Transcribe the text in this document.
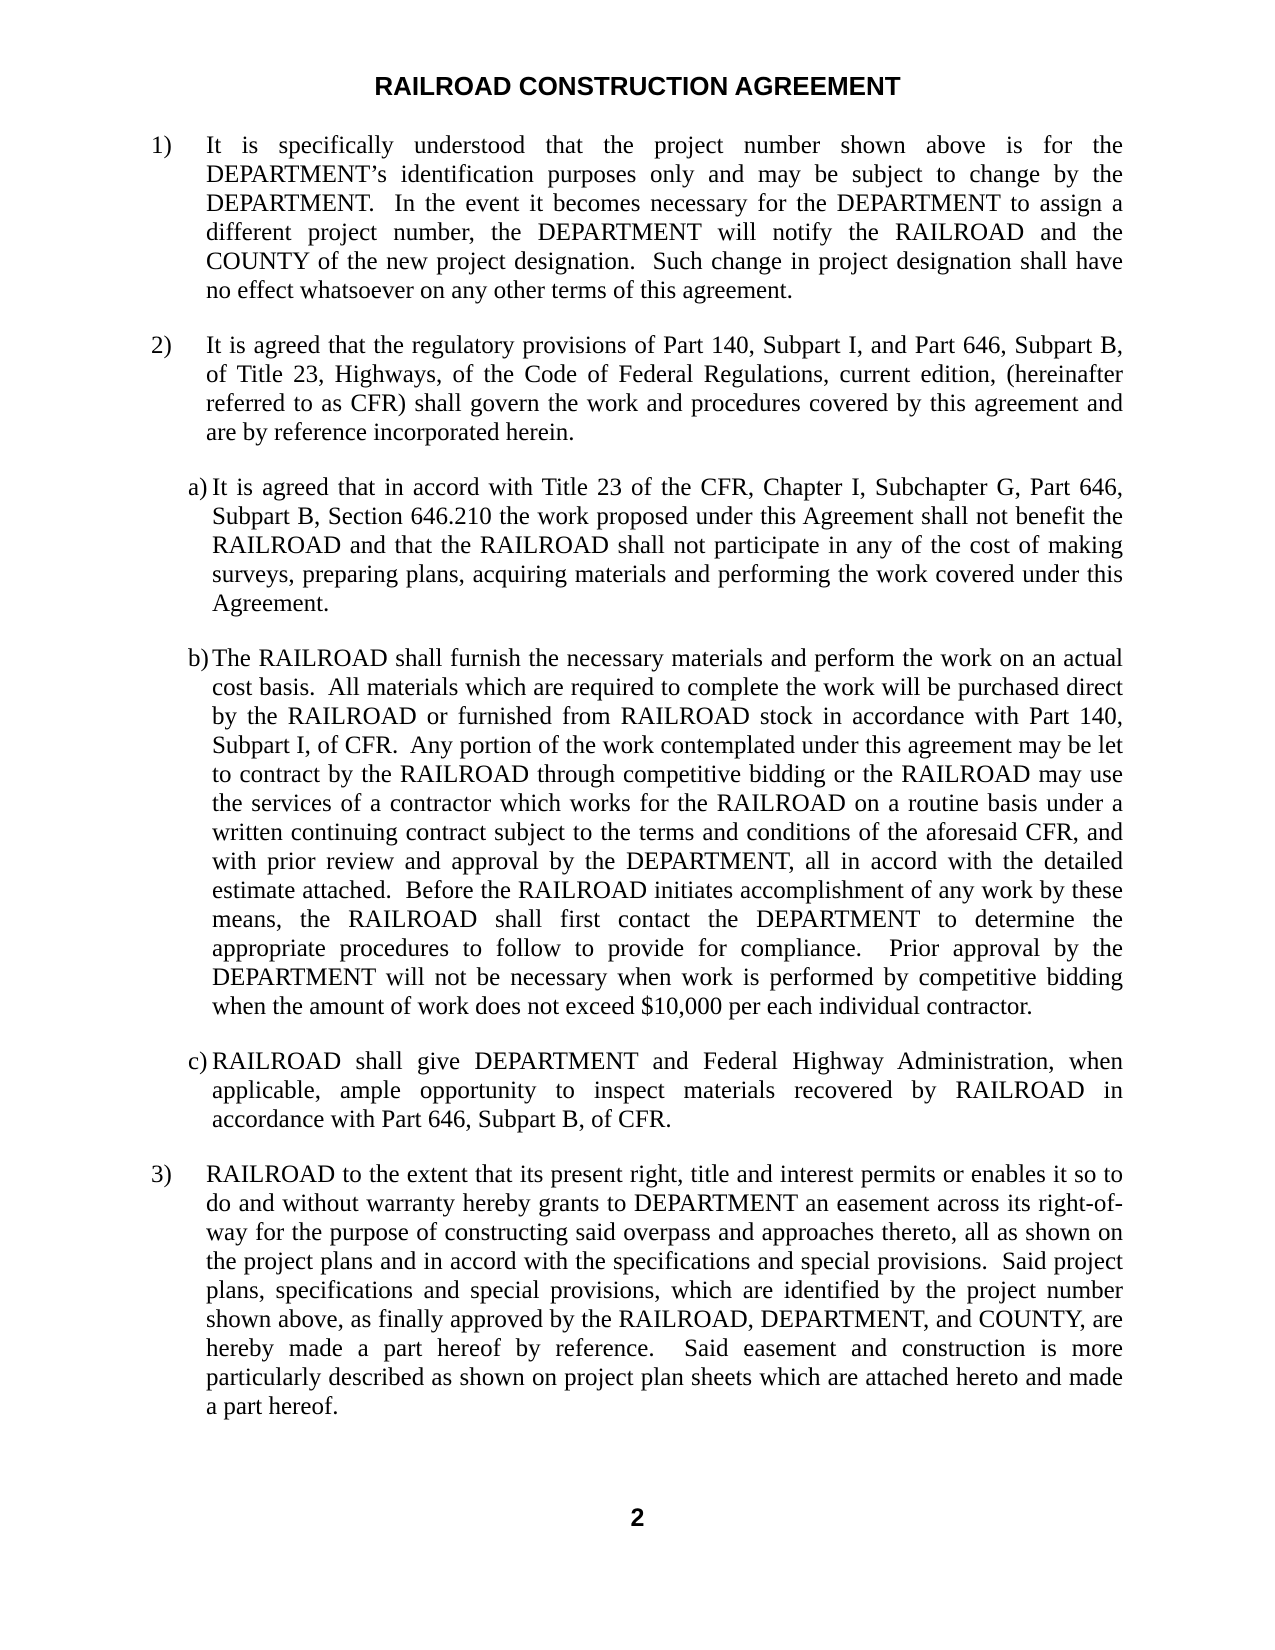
RAILROAD CONSTRUCTION AGREEMENT
1) It is specifically understood that the project number shown above is for the DEPARTMENT’s identification purposes only and may be subject to change by the DEPARTMENT.  In the event it becomes necessary for the DEPARTMENT to assign a different project number, the DEPARTMENT will notify the RAILROAD and the COUNTY of the new project designation.  Such change in project designation shall have no effect whatsoever on any other terms of this agreement.

2) It is agreed that the regulatory provisions of Part 140, Subpart I, and Part 646, Subpart B, of Title 23, Highways, of the Code of Federal Regulations, current edition, (hereinafter referred to as CFR) shall govern the work and procedures covered by this agreement and are by reference incorporated herein.

a) It is agreed that in accord with Title 23 of the CFR, Chapter I, Subchapter G, Part 646, Subpart B, Section 646.210 the work proposed under this Agreement shall not benefit the RAILROAD and that the RAILROAD shall not participate in any of the cost of making surveys, preparing plans, acquiring materials and performing the work covered under this Agreement.

b) The RAILROAD shall furnish the necessary materials and perform the work on an actual cost basis.  All materials which are required to complete the work will be purchased direct by the RAILROAD or furnished from RAILROAD stock in accordance with Part 140, Subpart I, of CFR.  Any portion of the work contemplated under this agreement may be let to contract by the RAILROAD through competitive bidding or the RAILROAD may use the services of a contractor which works for the RAILROAD on a routine basis under a written continuing contract subject to the terms and conditions of the aforesaid CFR, and with prior review and approval by the DEPARTMENT, all in accord with the detailed estimate attached.  Before the RAILROAD initiates accomplishment of any work by these means, the RAILROAD shall first contact the DEPARTMENT to determine the appropriate procedures to follow to provide for compliance.  Prior approval by the DEPARTMENT will not be necessary when work is performed by competitive bidding when the amount of work does not exceed $10,000 per each individual contractor.

c) RAILROAD shall give DEPARTMENT and Federal Highway Administration, when applicable, ample opportunity to inspect materials recovered by RAILROAD in accordance with Part 646, Subpart B, of CFR.

3) RAILROAD to the extent that its present right, title and interest permits or enables it so to do and without warranty hereby grants to DEPARTMENT an easement across its right-of-way for the purpose of constructing said overpass and approaches thereto, all as shown on the project plans and in accord with the specifications and special provisions.  Said project plans, specifications and special provisions, which are identified by the project number shown above, as finally approved by the RAILROAD, DEPARTMENT, and COUNTY, are hereby made a part hereof by reference.  Said easement and construction is more particularly described as shown on project plan sheets which are attached hereto and made a part hereof.

2
